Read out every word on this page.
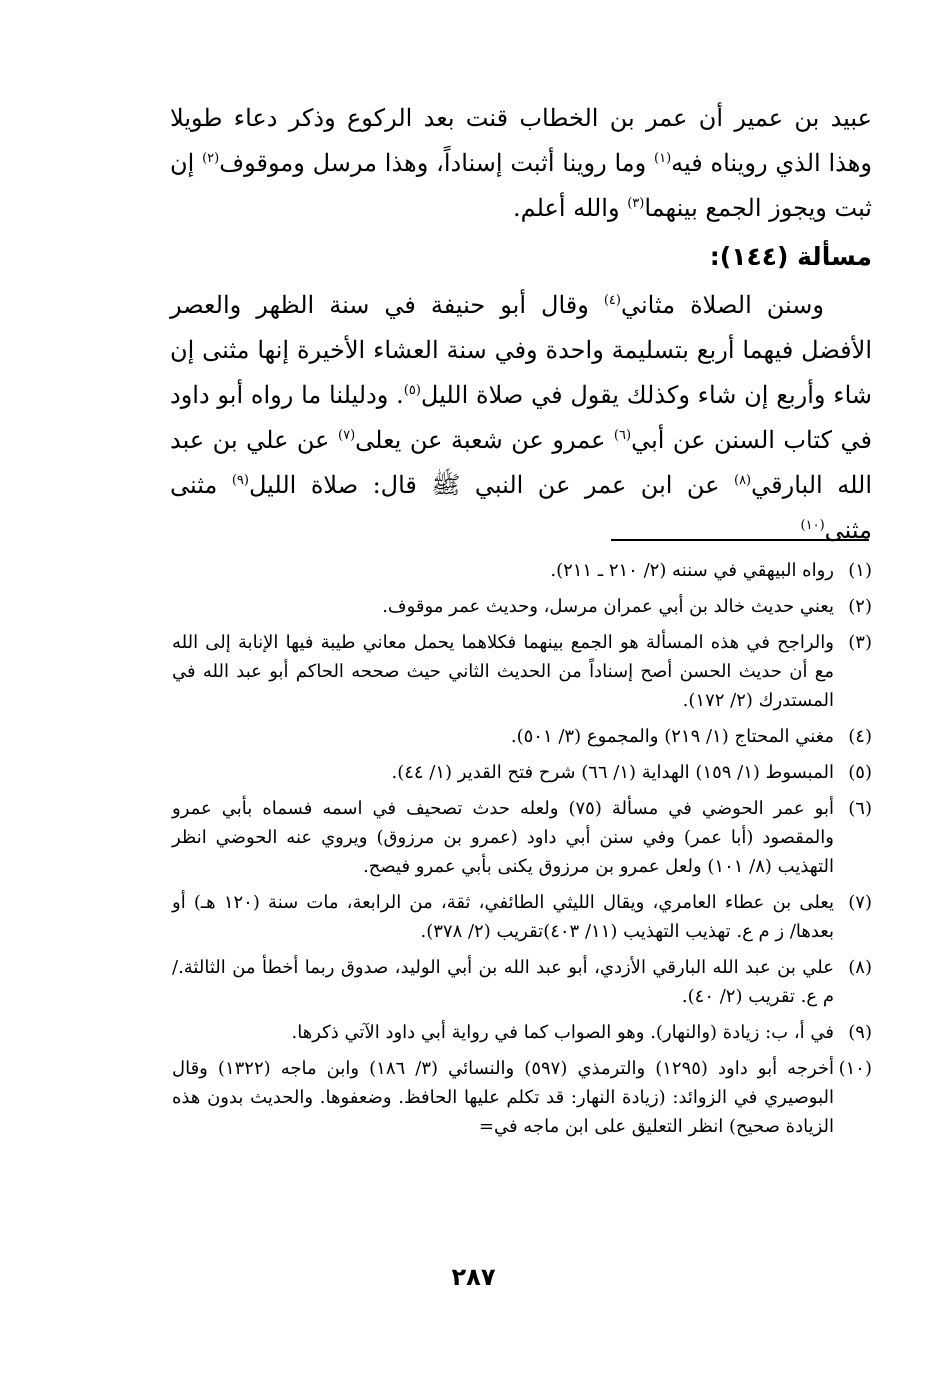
عبيد بن عمير أن عمر بن الخطاب قنت بعد الركوع وذكر دعاء طويلا وهذا الذي رويناه فيه$^{(١)}$ وما روينا أثبت إسناداً، وهذا مرسل وموقوف$^{(٢)}$ إن ثبت ويجوز الجمع بينهما$^{(٣)}$ والله أعلم.

مسألة (١٤٤):

وسنن الصلاة مثاني$^{(٤)}$ وقال أبو حنيفة في سنة الظهر والعصر الأفضل فيهما أربع بتسليمة واحدة وفي سنة العشاء الأخيرة إنها مثنى إن شاء وأربع إن شاء وكذلك يقول في صلاة الليل$^{(٥)}$. ودليلنا ما رواه أبو داود في كتاب السنن عن أبي$^{(٦)}$ عمرو عن شعبة عن يعلى$^{(٧)}$ عن علي بن عبد الله البارقي$^{(٨)}$ عن ابن عمر عن النبي ﷺ قال: صلاة الليل$^{(٩)}$ مثنى مثنى$^{(١٠)}$

(١)
رواه البيهقي في سننه (٢/ ٢١٠ ـ ٢١١).
(٢)
يعني حديث خالد بن أبي عمران مرسل، وحديث عمر موقوف.
(٣)
والراجح في هذه المسألة هو الجمع بينهما فكلاهما يحمل معاني طيبة فيها الإنابة إلى الله مع أن حديث الحسن أصح إسناداً من الحديث الثاني حيث صححه الحاكم أبو عبد الله في المستدرك (٢/ ١٧٢).
(٤)
مغني المحتاج (١/ ٢١٩) والمجموع (٣/ ٥٠١).
(٥)
المبسوط (١/ ١٥٩) الهداية (١/ ٦٦) شرح فتح القدير (١/ ٤٤).
(٦)
أبو عمر الحوضي في مسألة (٧٥) ولعله حدث تصحيف في اسمه فسماه بأبي عمرو والمقصود (أبا عمر) وفي سنن أبي داود (عمرو بن مرزوق) ويروي عنه الحوضي انظر التهذيب (٨/ ١٠١) ولعل عمرو بن مرزوق يكنى بأبي عمرو فيصح.
(٧)
يعلى بن عطاء العامري، ويقال الليثي الطائفي، ثقة، من الرابعة، مات سنة (١٢٠ هـ) أو بعدها/ ز م ع. تهذيب التهذيب (١١/ ٤٠٣)تقريب (٢/ ٣٧٨).
(٨)
علي بن عبد الله البارقي الأزدي، أبو عبد الله بن أبي الوليد، صدوق ربما أخطأ من الثالثة./ م ع. تقريب (٢/ ٤٠).
(٩)
في أ، ب: زيادة (والنهار). وهو الصواب كما في رواية أبي داود الآتي ذكرها.
(١٠)
أخرجه أبو داود (١٢٩٥) والترمذي (٥٩٧) والنسائي (٣/ ١٨٦) وابن ماجه (١٣٢٢) وقال البوصيري في الزوائد: (زيادة النهار: قد تكلم عليها الحافظ. وضعفوها. والحديث بدون هذه الزيادة صحيح) انظر التعليق على ابن ماجه في=
٢٨٧
